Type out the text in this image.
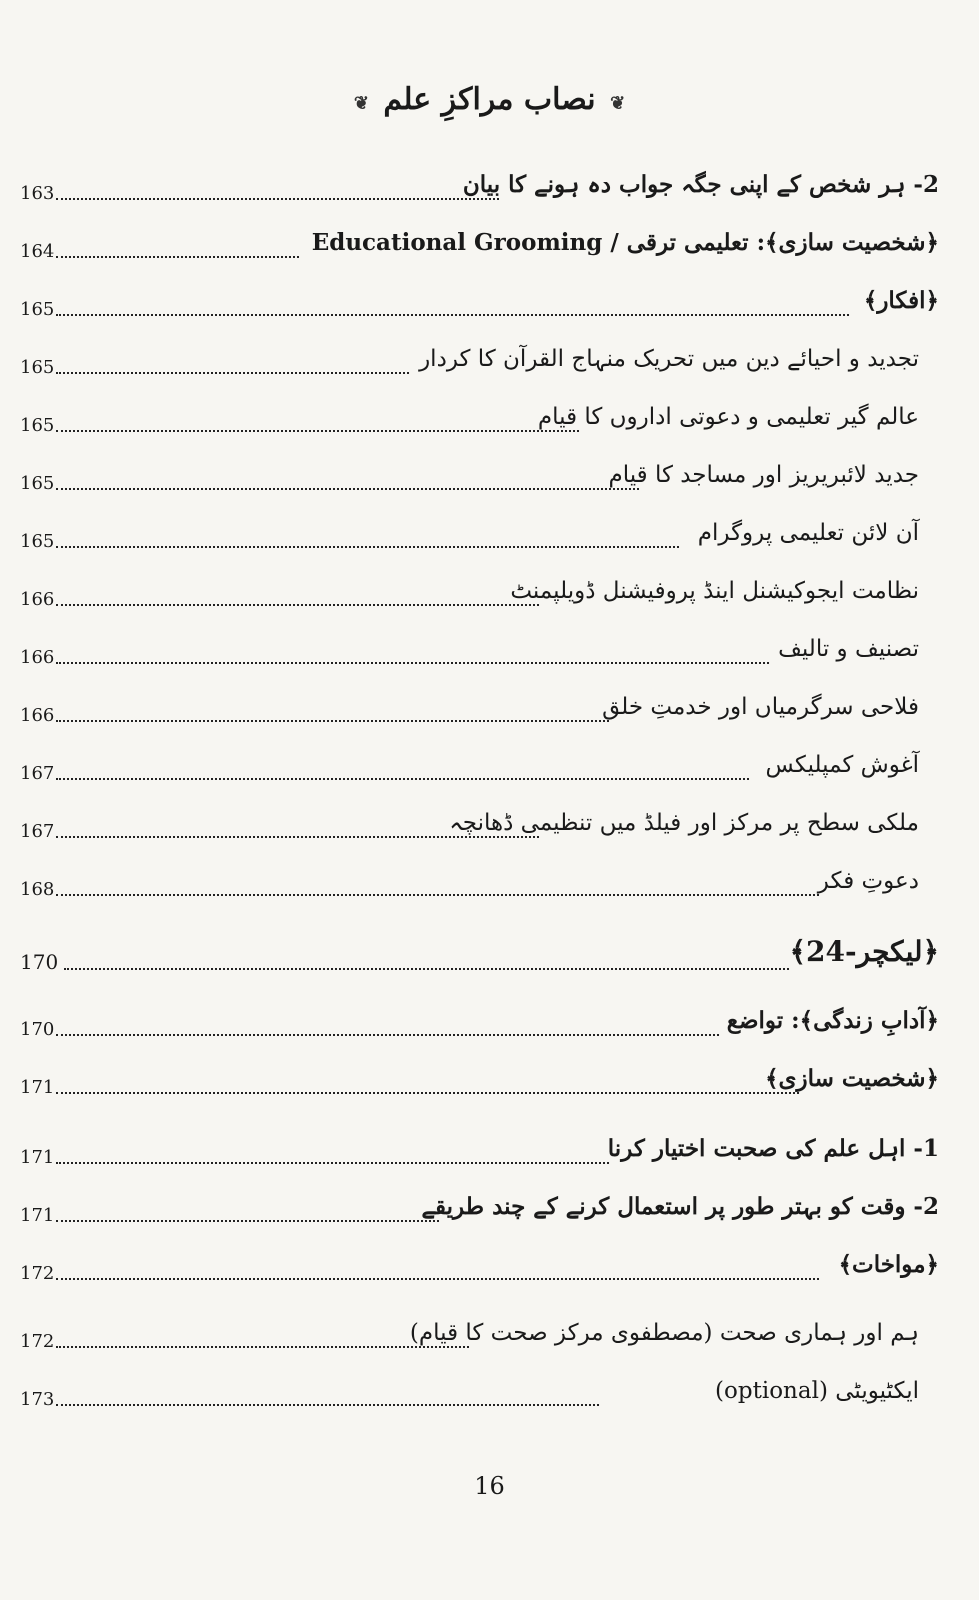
❦ نصاب مراکزِ علم ❦
163	2- ہر شخص کے اپنی جگہ جواب دہ ہونے کا بیان
164	﴿شخصیت سازی﴾: تعلیمی ترقی / Educational Grooming
165	﴿افکار﴾
165	تجدید و احیائے دین میں تحریک منہاج القرآن کا کردار
165	عالم گیر تعلیمی و دعوتی اداروں کا قیام
165	جدید لائبریریز اور مساجد کا قیام
165	آن لائن تعلیمی پروگرام
166	نظامت ایجوکیشنل اینڈ پروفیشنل ڈویلپمنٹ
166	تصنیف و تالیف
166	فلاحی سرگرمیاں اور خدمتِ خلق
167	آغوش کمپلیکس
167	ملکی سطح پر مرکز اور فیلڈ میں تنظیمی ڈھانچہ
168	دعوتِ فکر
170	﴿لیکچر-24﴾
170	﴿آدابِ زندگی﴾: تواضع
171	﴿شخصیت سازی﴾
171	1- اہل علم کی صحبت اختیار کرنا
171	2- وقت کو بہتر طور پر استعمال کرنے کے چند طریقے
172	﴿مواخات﴾
172	ہم اور ہماری صحت (مصطفوی مرکز صحت کا قیام)
173	ایکٹیویٹی (optional)
16
